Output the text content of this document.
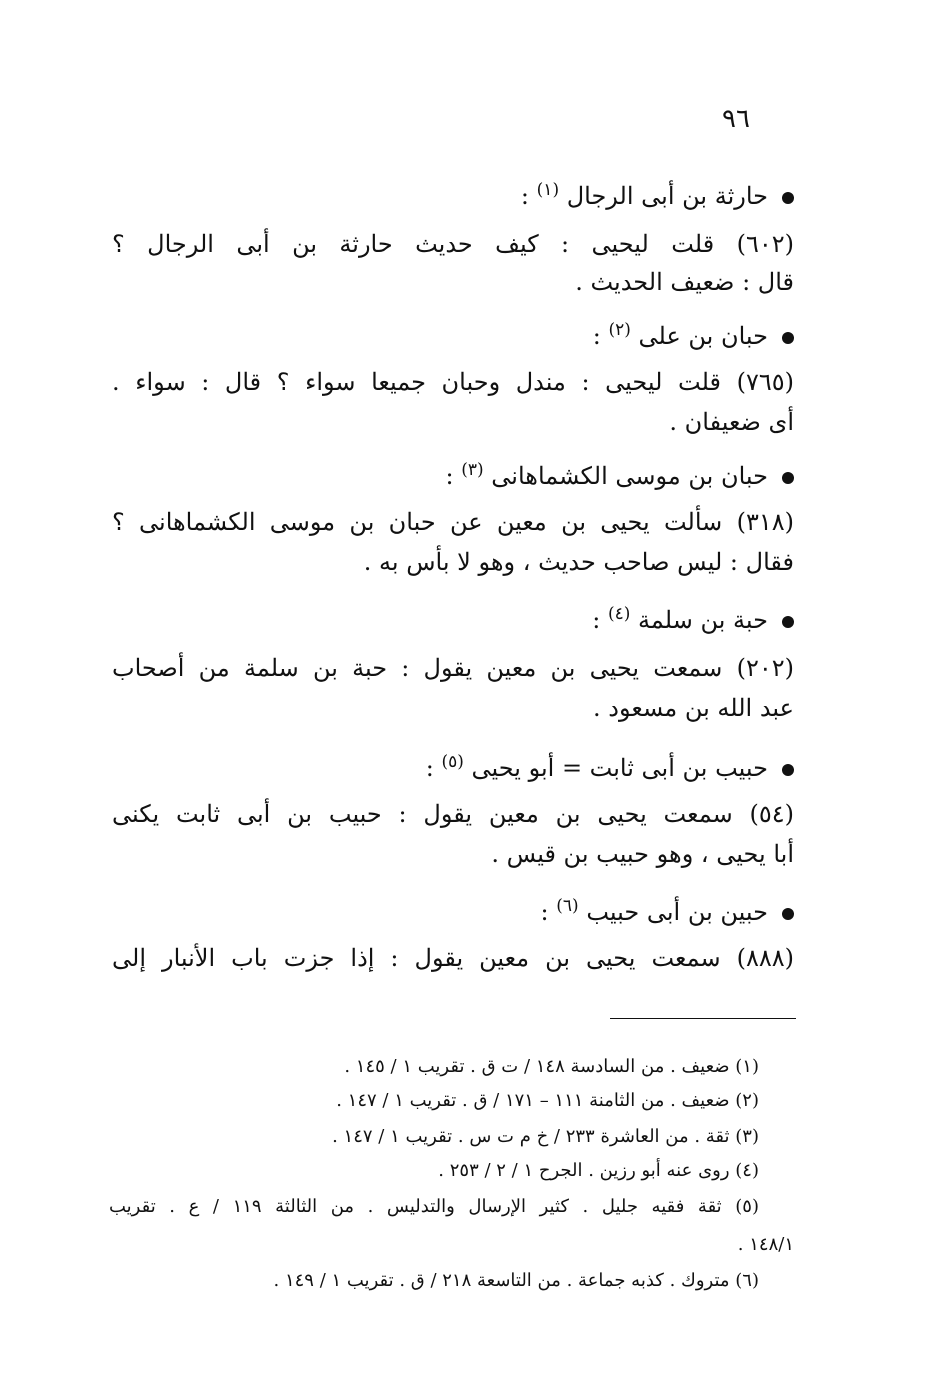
٩٦
حارثة بن أبى الرجال $^{(١)}$ :
(٦٠٢) قلت ليحيى : كيف حديث حارثة بن أبى الرجال ؟
قال : ضعيف الحديث .
حبان بن على $^{(٢)}$ :
(٧٦٥) قلت ليحيى : مندل وحبان جميعا سواء ؟ قال : سواء .
أى ضعيفان .
حبان بن موسى الكشماهانى $^{(٣)}$ :
(٣١٨) سألت يحيى بن معين عن حبان بن موسى الكشماهانى ؟
فقال : ليس صاحب حديث ، وهو لا بأس به .
حبة بن سلمة $^{(٤)}$ :
(٢٠٢) سمعت يحيى بن معين يقول : حبة بن سلمة من أصحاب
عبد الله بن مسعود .
حبيب بن أبى ثابت = أبو يحيى $^{(٥)}$ :
(٥٤) سمعت يحيى بن معين يقول : حبيب بن أبى ثابت يكنى
أبا يحيى ، وهو حبيب بن قيس .
حبين بن أبى حبيب $^{(٦)}$ :
(٨٨٨) سمعت يحيى بن معين يقول : إذا جزت باب الأنبار إلى
(١) ضعيف . من السادسة ١٤٨ / ت ق . تقريب ١ / ١٤٥ .
(٢) ضعيف . من الثامنة ١١١ – ١٧١ / ق . تقريب ١ / ١٤٧ .
(٣) ثقة . من العاشرة ٢٣٣ / خ م ت س . تقريب ١ / ١٤٧ .
(٤) روى عنه أبو رزين . الجرح ١ / ٢ / ٢٥٣ .
(٥) ثقة فقيه جليل . كثير الإرسال والتدليس . من الثالثة ١١٩ / ع . تقريب
١٤٨/١ .
(٦) متروك . كذبه جماعة . من التاسعة ٢١٨ / ق . تقريب ١ / ١٤٩ .
